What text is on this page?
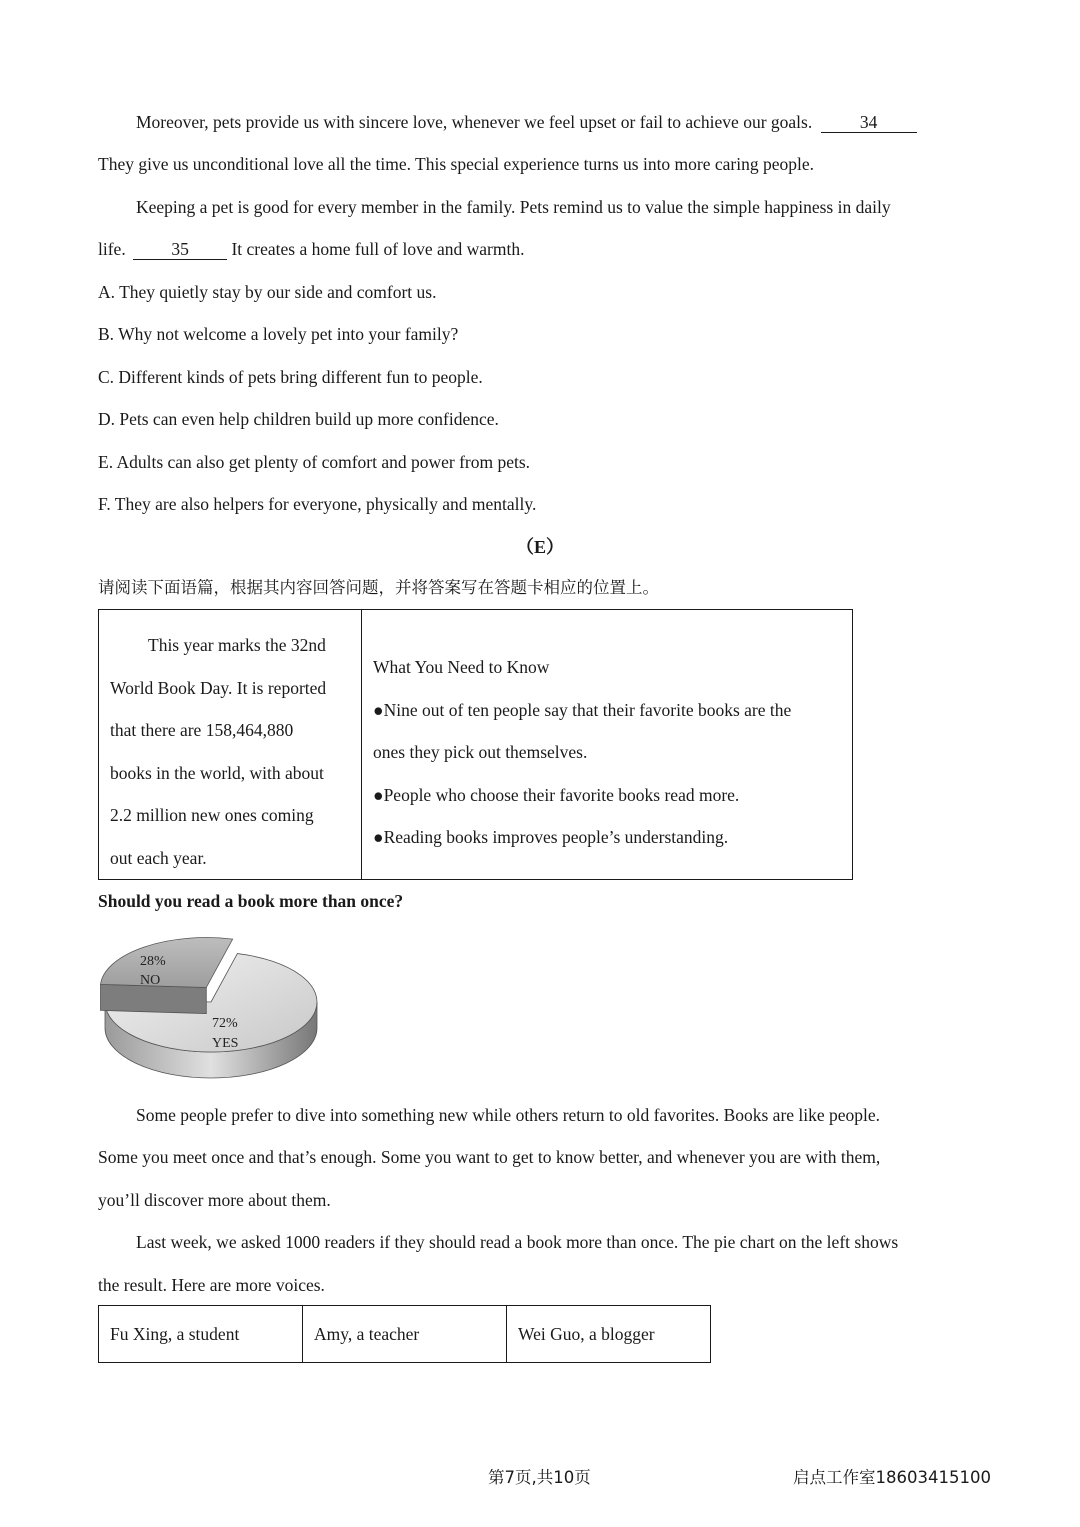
Moreover, pets provide us with sincere love, whenever we feel upset or fail to achieve our goals.	34
They give us unconditional love all the time. This special experience turns us into more caring people.
Keeping a pet is good for every member in the family. Pets remind us to value the simple happiness in daily
life.	35 It creates a home full of love and warmth.
A. They quietly stay by our side and comfort us.
B. Why not welcome a lovely pet into your family?
C. Different kinds of pets bring different fun to people.
D. Pets can even help children build up more confidence.
E. Adults can also get plenty of comfort and power from pets.
F. They are also helpers for everyone, physically and mentally.
（E）
请阅读下面语篇，根据其内容回答问题，并将答案写在答题卡相应的位置上。
This year marks the 32nd
World Book Day. It is reported
that there are 158,464,880
books in the world, with about
2.2 million new ones coming
out each year.

What You Need to Know
●Nine out of ten people say that their favorite books are the
ones they pick out themselves.
●People who choose their favorite books read more.
●Reading books improves people’s understanding.
Should you read a book more than once?
28%
NO
72%
YES
Some people prefer to dive into something new while others return to old favorites. Books are like people.
Some you meet once and that’s enough. Some you want to get to know better, and whenever you are with them,
you’ll discover more about them.
Last week, we asked 1000 readers if they should read a book more than once. The pie chart on the left shows
the result. Here are more voices.
Fu Xing, a student	Amy, a teacher	Wei Guo, a blogger
第7页,共10页	启点工作室18603415100
